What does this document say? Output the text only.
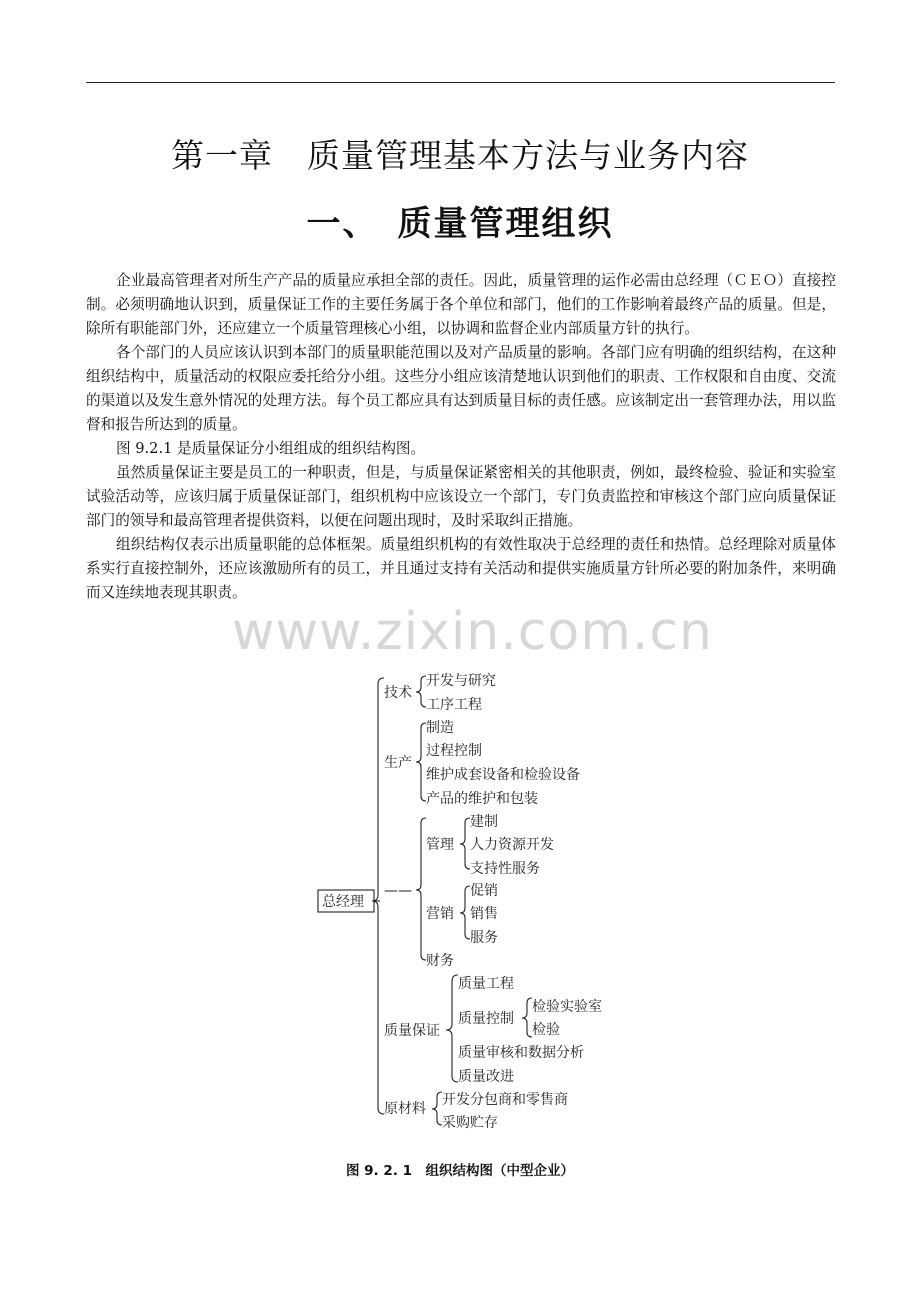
第一章　质量管理基本方法与业务内容
一、　质量管理组织

企业最高管理者对所生产产品的质量应承担全部的责任。因此，质量管理的运作必需由总经理（ＣＥＯ）直接控制。必须明确地认识到，质量保证工作的主要任务属于各个单位和部门，他们的工作影响着最终产品的质量。但是，除所有职能部门外，还应建立一个质量管理核心小组，以协调和监督企业内部质量方针的执行。

各个部门的人员应该认识到本部门的质量职能范围以及对产品质量的影响。各部门应有明确的组织结构，在这种组织结构中，质量活动的权限应委托给分小组。这些分小组应该清楚地认识到他们的职责、工作权限和自由度、交流的渠道以及发生意外情况的处理方法。每个员工都应具有达到质量目标的责任感。应该制定出一套管理办法，用以监督和报告所达到的质量。

图 9.2.1 是质量保证分小组组成的组织结构图。

虽然质量保证主要是员工的一种职责，但是，与质量保证紧密相关的其他职责，例如，最终检验、验证和实验室试验活动等，应该归属于质量保证部门，组织机构中应该设立一个部门，专门负责监控和审核这个部门应向质量保证部门的领导和最高管理者提供资料，以便在问题出现时，及时采取纠正措施。

组织结构仅表示出质量职能的总体框架。质量组织机构的有效性取决于总经理的责任和热情。总经理除对质量体系实行直接控制外，还应该激励所有的员工，并且通过支持有关活动和提供实施质量方针所必要的附加条件，来明确而又连续地表现其职责。

www.zixin.com.cn
总经理
技术
开发与研究
工序工程
生产
制造
过程控制
维护成套设备和检验设备
产品的维护和包装
——
管理
建制
人力资源开发
支持性服务
营销
促销
销售
服务
财务
质量保证
质量工程
质量控制
检验实验室
检验
质量审核和数据分析
质量改进
原材料
开发分包商和零售商
采购贮存
图 9. 2. 1　组织结构图（中型企业）
